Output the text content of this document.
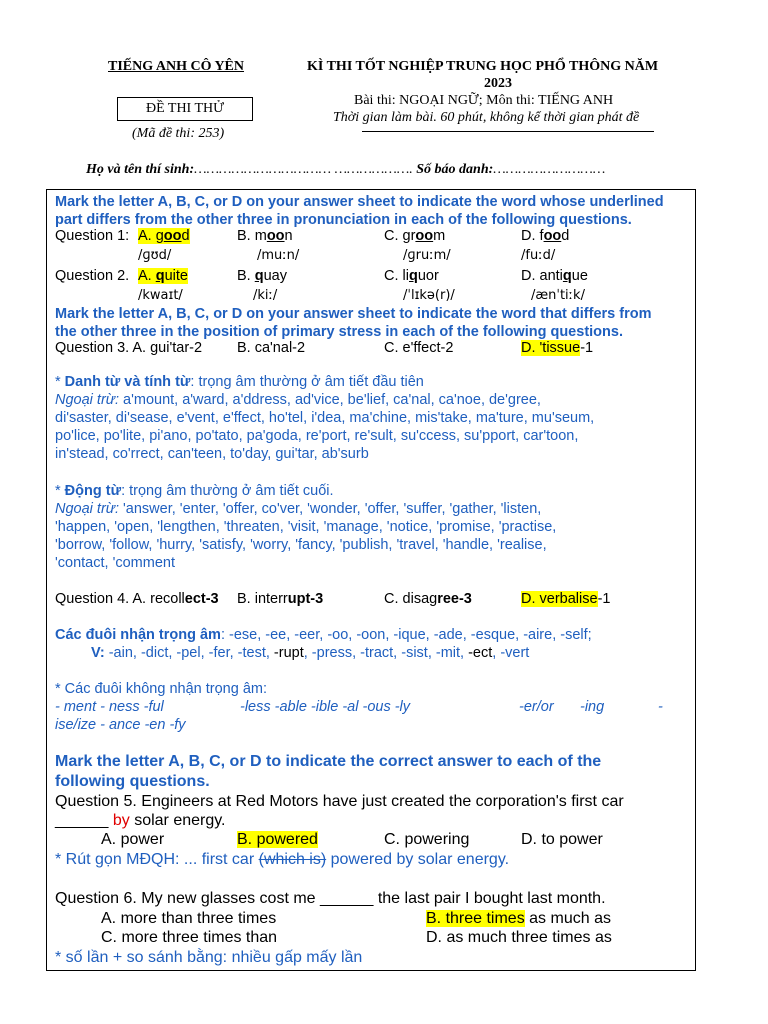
TIẾNG ANH CÔ YÊN	KÌ THI TỐT NGHIỆP TRUNG HỌC PHỔ THÔNG NĂM
2023
Bài thi: NGOẠI NGỮ; Môn thi: TIẾNG ANH
Thời gian làm bài. 60 phút, không kể thời gian phát đề
ĐỀ THI THỬ
(Mã đề thi: 253)
Họ và tên thí sinh:…………………………… ………………. Số báo danh:………………………
Mark the letter A, B, C, or D on your answer sheet to indicate the word whose underlined
part differs from the other three in pronunciation in each of the following questions.
Question 1: A. good	B. moon	C. groom	D. food
/ɡʊd/	/muːn/	/ɡruːm/	/fuːd/
Question 2. A. quite	B. quay	C. liquor	D. antique
/kwaɪt/	/kiː/	/ˈlɪkə(r)/	/ænˈtiːk/
Mark the letter A, B, C, or D on your answer sheet to indicate the word that differs from
the other three in the position of primary stress in each of the following questions.
Question 3. A. gui'tar-2 B. ca'nal-2	C. e'ffect-2	D. 'tissue-1
* Danh từ và tính từ: trọng âm thường ở âm tiết đầu tiên
Ngoại trừ: a'mount, a'ward, a'ddress, ad'vice, be'lief, ca'nal, ca'noe, de'gree,
di'saster, di'sease, e'vent, e'ffect, ho'tel, i'dea, ma'chine, mis'take, ma'ture, mu'seum,
po'lice, po'lite, pi'ano, po'tato, pa'goda, re'port, re'sult, su'ccess, su'pport, car'toon,
in'stead, co'rrect, can'teen, to'day, gui'tar, ab'surb
* Động từ: trọng âm thường ở âm tiết cuối.
Ngoại trừ: 'answer, 'enter, 'offer, co'ver, 'wonder, 'offer, 'suffer, 'gather, 'listen,
'happen, 'open, 'lengthen, 'threaten, 'visit, 'manage, 'notice, 'promise, 'practise,
'borrow, 'follow, 'hurry, 'satisfy, 'worry, 'fancy, 'publish, 'travel, 'handle, 'realise,
'contact, 'comment
Question 4. A. recollect-3 B. interrupt-3	C. disagree-3	D. verbalise-1
Các đuôi nhận trọng âm: -ese, -ee, -eer, -oo, -oon, -ique, -ade, -esque, -aire, -self;
V: -ain, -dict, -pel, -fer, -test, -rupt, -press, -tract, -sist, -mit, -ect, -vert
* Các đuôi không nhận trọng âm:
- ment - ness -ful	-less -able -ible -al -ous -ly	-er/or -ing	-
ise/ize - ance -en -fy
Mark the letter A, B, C, or D to indicate the correct answer to each of the
following questions.
Question 5. Engineers at Red Motors have just created the corporation's first car
______ by solar energy.
A. power	B. powered	C. powering	D. to power
* Rút gọn MĐQH: ... first car (which is) powered by solar energy.
Question 6. My new glasses cost me ______ the last pair I bought last month.
A. more than three times	B. three times as much as
C. more three times than	D. as much three times as
* số lần + so sánh bằng: nhiều gấp mấy lần
